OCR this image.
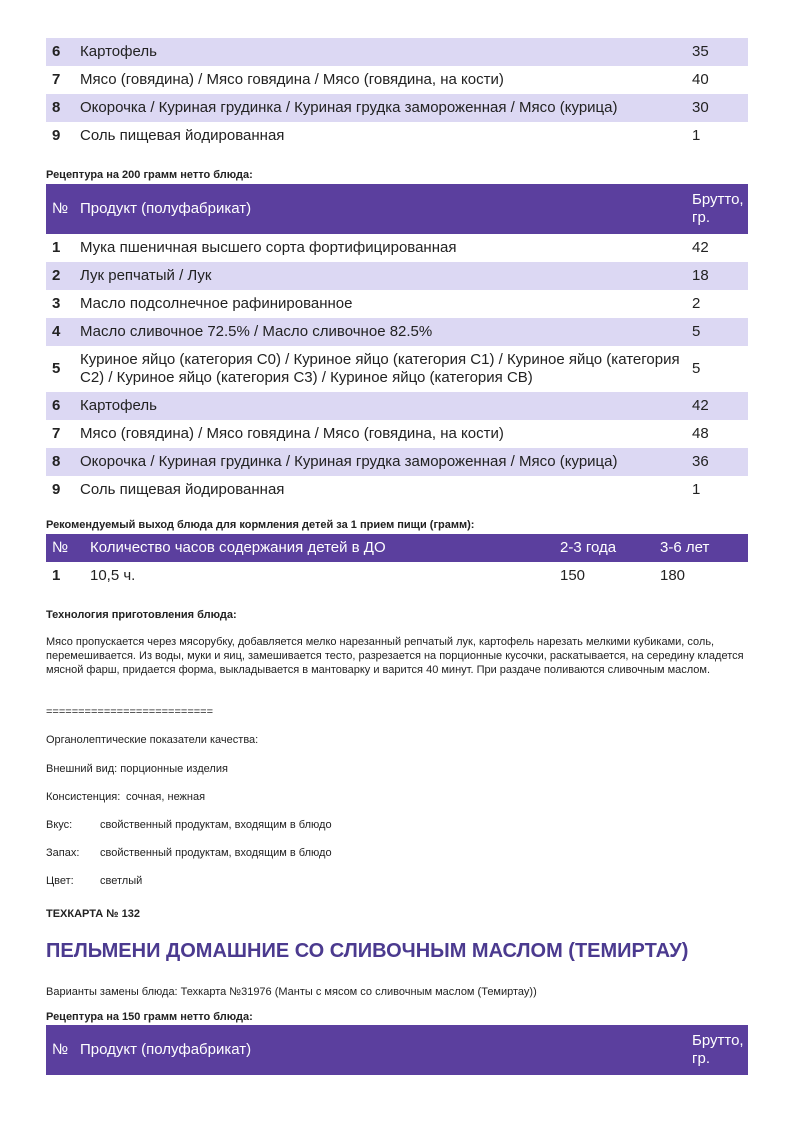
6	Картофель	35
7	Мясо (говядина) / Мясо говядина / Мясо (говядина, на кости)	40
8	Окорочка / Куриная грудинка / Куриная грудка замороженная / Мясо (курица)	30
9	Соль пищевая йодированная	1

Рецептура на 200 грамм нетто блюда:

№	Продукт (полуфабрикат)	Брутто, гр.
1	Мука пшеничная высшего сорта фортифицированная	42
2	Лук репчатый / Лук	18
3	Масло подсолнечное рафинированное	2
4	Масло сливочное 72.5% / Масло сливочное 82.5%	5
5	Куриное яйцо (категория С0) / Куриное яйцо (категория С1) / Куриное яйцо (категория С2) / Куриное яйцо (категория С3) / Куриное яйцо (категория СВ)	5
6	Картофель	42
7	Мясо (говядина) / Мясо говядина / Мясо (говядина, на кости)	48
8	Окорочка / Куриная грудинка / Куриная грудка замороженная / Мясо (курица)	36
9	Соль пищевая йодированная	1

Рекомендуемый выход блюда для кормления детей за 1 прием пищи (грамм):

№	Количество часов содержания детей в ДО	2-3 года	3-6 лет
1	10,5 ч.	150	180

Технология приготовления блюда:

Мясо пропускается через мясорубку, добавляется мелко нарезанный репчатый лук, картофель нарезать мелкими кубиками, соль, перемешивается. Из воды, муки и яиц, замешивается тесто, разрезается на порционные кусочки, раскатывается, на середину кладется мясной фарш, придается форма, выкладывается в мантоварку и варится 40 минут. При раздаче поливаются сливочным маслом.

==========================

Органолептические показатели качества:

Внешний вид: порционные изделия

Консистенция: сочная, нежная

Вкус:	свойственный продуктам, входящим в блюдо

Запах: свойственный продуктам, входящим в блюдо

Цвет: светлый

ТЕХКАРТА № 132

ПЕЛЬМЕНИ ДОМАШНИЕ СО СЛИВОЧНЫМ МАСЛОМ (ТЕМИРТАУ)

Варианты замены блюда: Техкарта №31976 (Манты с мясом со сливочным маслом (Темиртау))

Рецептура на 150 грамм нетто блюда:

№	Продукт (полуфабрикат)	Брутто, гр.
